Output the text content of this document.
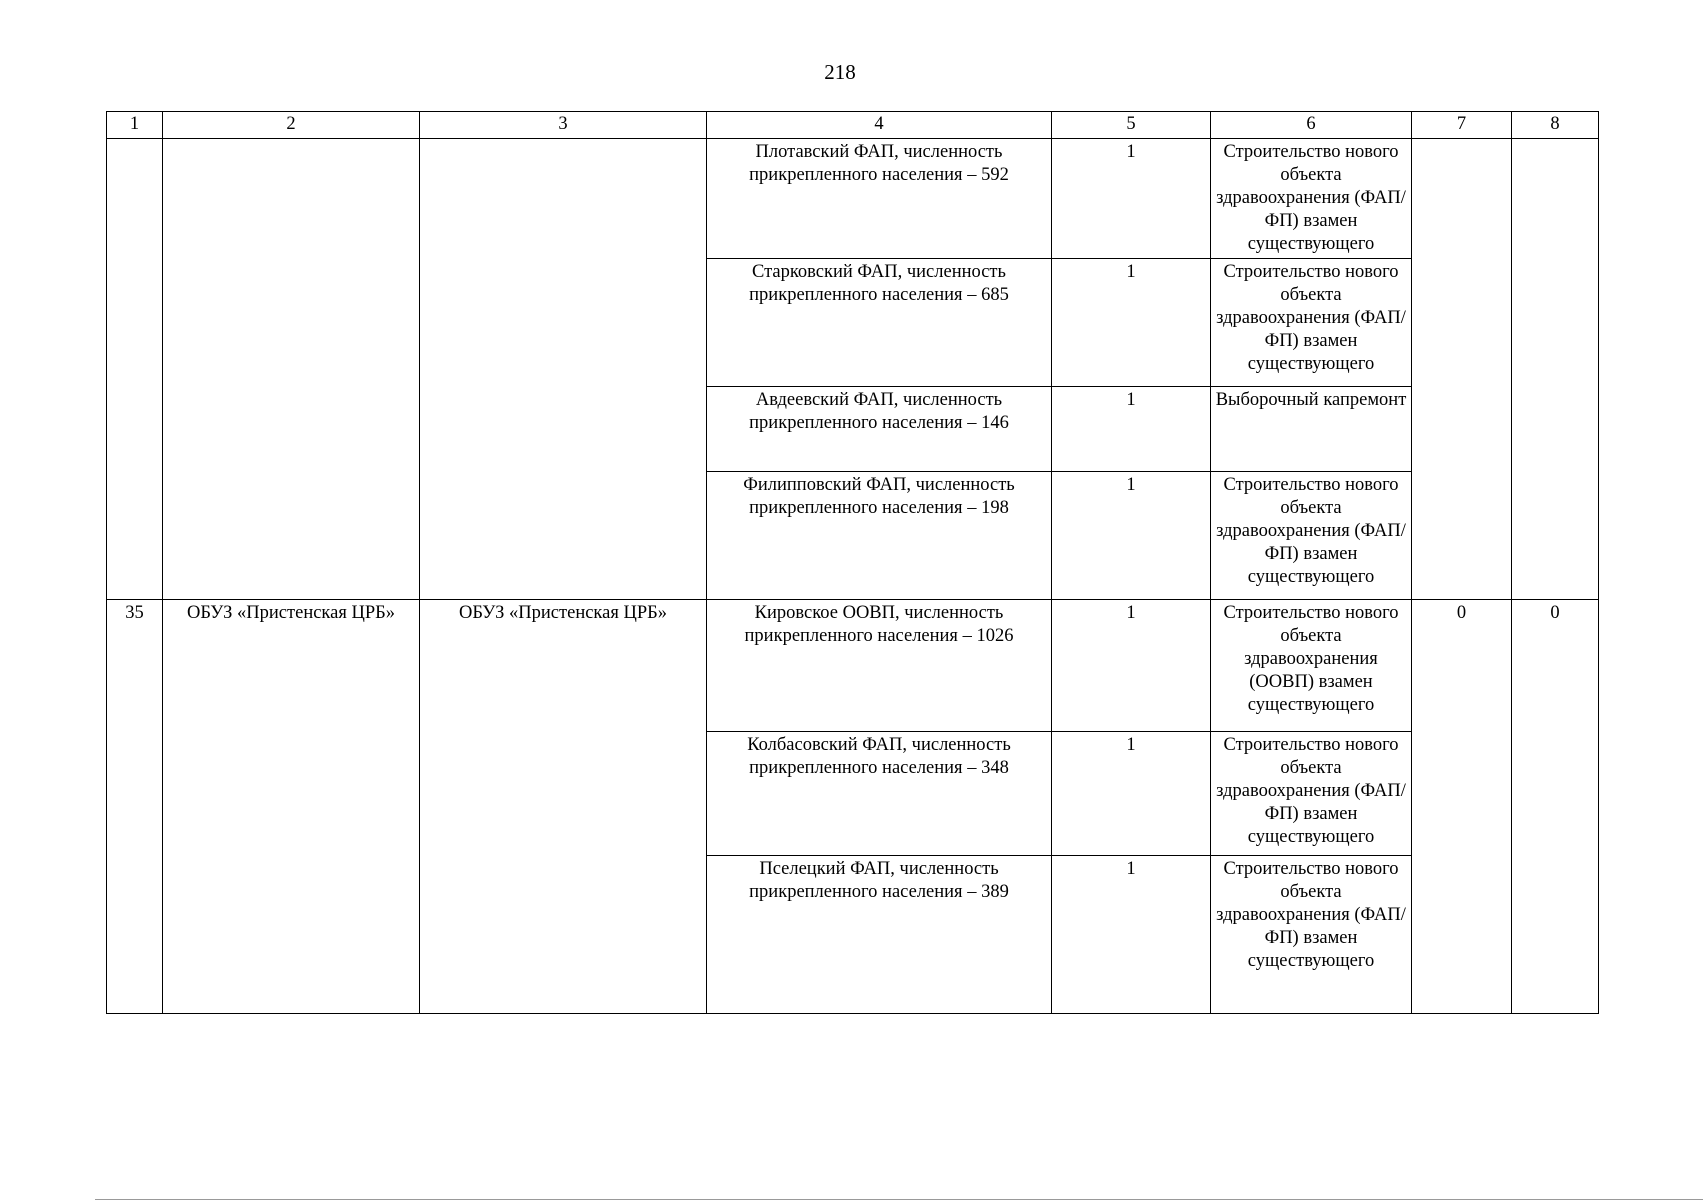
218
1	2	3	4	5	6	7	8
			Плотавский ФАП, численность прикрепленного населения – 592	1	Строительство нового объекта здравоохранения (ФАП/ФП) взамен существующего		
			Старковский ФАП, численность прикрепленного населения – 685	1	Строительство нового объекта здравоохранения (ФАП/ФП) взамен существующего		
			Авдеевский ФАП, численность прикрепленного населения – 146	1	Выборочный капремонт		
			Филипповский ФАП, численность прикрепленного населения – 198	1	Строительство нового объекта здравоохранения (ФАП/ФП) взамен существующего		
35	ОБУЗ «Пристенская ЦРБ»	ОБУЗ «Пристенская ЦРБ»	Кировское ООВП, численность прикрепленного населения – 1026	1	Строительство нового объекта здравоохранения (ООВП) взамен существующего	0	0
			Колбасовский ФАП, численность прикрепленного населения – 348	1	Строительство нового объекта здравоохранения (ФАП/ФП) взамен существующего		
			Пселецкий ФАП, численность прикрепленного населения – 389	1	Строительство нового объекта здравоохранения (ФАП/ФП) взамен существующего		
